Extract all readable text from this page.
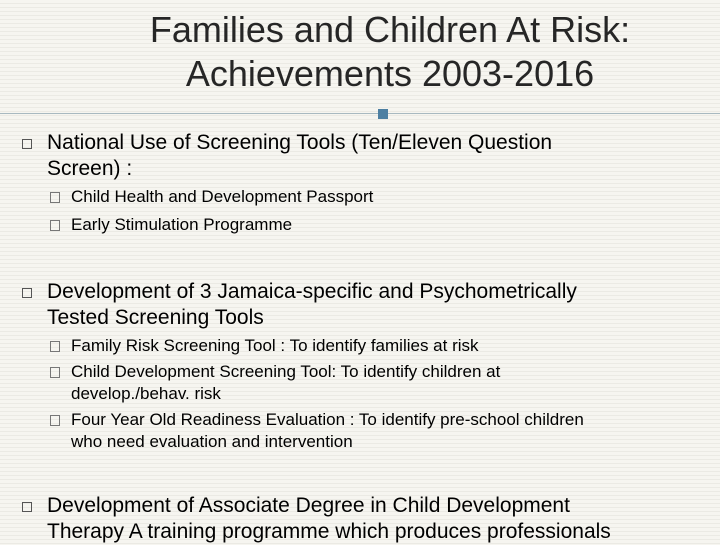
Families and Children At Risk:
Achievements 2003-2016
National Use of Screening Tools (Ten/Eleven Question
Screen) :
Child Health and Development Passport
Early Stimulation Programme
Development of 3 Jamaica-specific and Psychometrically
Tested Screening Tools
Family Risk Screening Tool : To identify families at risk
Child Development Screening Tool: To identify children at
develop./behav. risk
Four Year Old Readiness Evaluation : To identify pre-school children
who need evaluation and intervention
Development of Associate Degree in Child Development
Therapy A training programme which produces professionals
